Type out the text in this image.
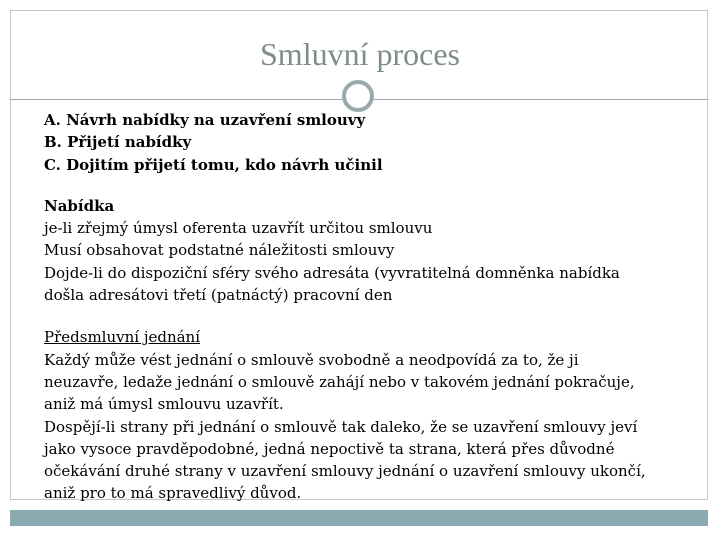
Smluvní proces
A. Návrh nabídky na uzavření smlouvy
B. Přijetí nabídky
C. Dojitím přijetí tomu, kdo návrh učinil

Nabídka

je-li zřejmý úmysl oferenta uzavřít určitou smlouvu

Musí obsahovat podstatné náležitosti smlouvy

Dojde-li do dispoziční sféry svého adresáta (vyvratitelná domněnka nabídka

došla adresátovi třetí (patnáctý) pracovní den

Předsmluvní jednání

Každý může vést jednání o smlouvě svobodně a neodpovídá za to, že ji

neuzavře, ledaže jednání o smlouvě zahájí nebo v takovém jednání pokračuje,

aniž má úmysl smlouvu uzavřít.

Dospějí-li strany při jednání o smlouvě tak daleko, že se uzavření smlouvy jeví

jako vysoce pravděpodobné, jedná nepoctivě ta strana, která přes důvodné

očekávání druhé strany v uzavření smlouvy jednání o uzavření smlouvy ukončí,

aniž pro to má spravedlivý důvod.
